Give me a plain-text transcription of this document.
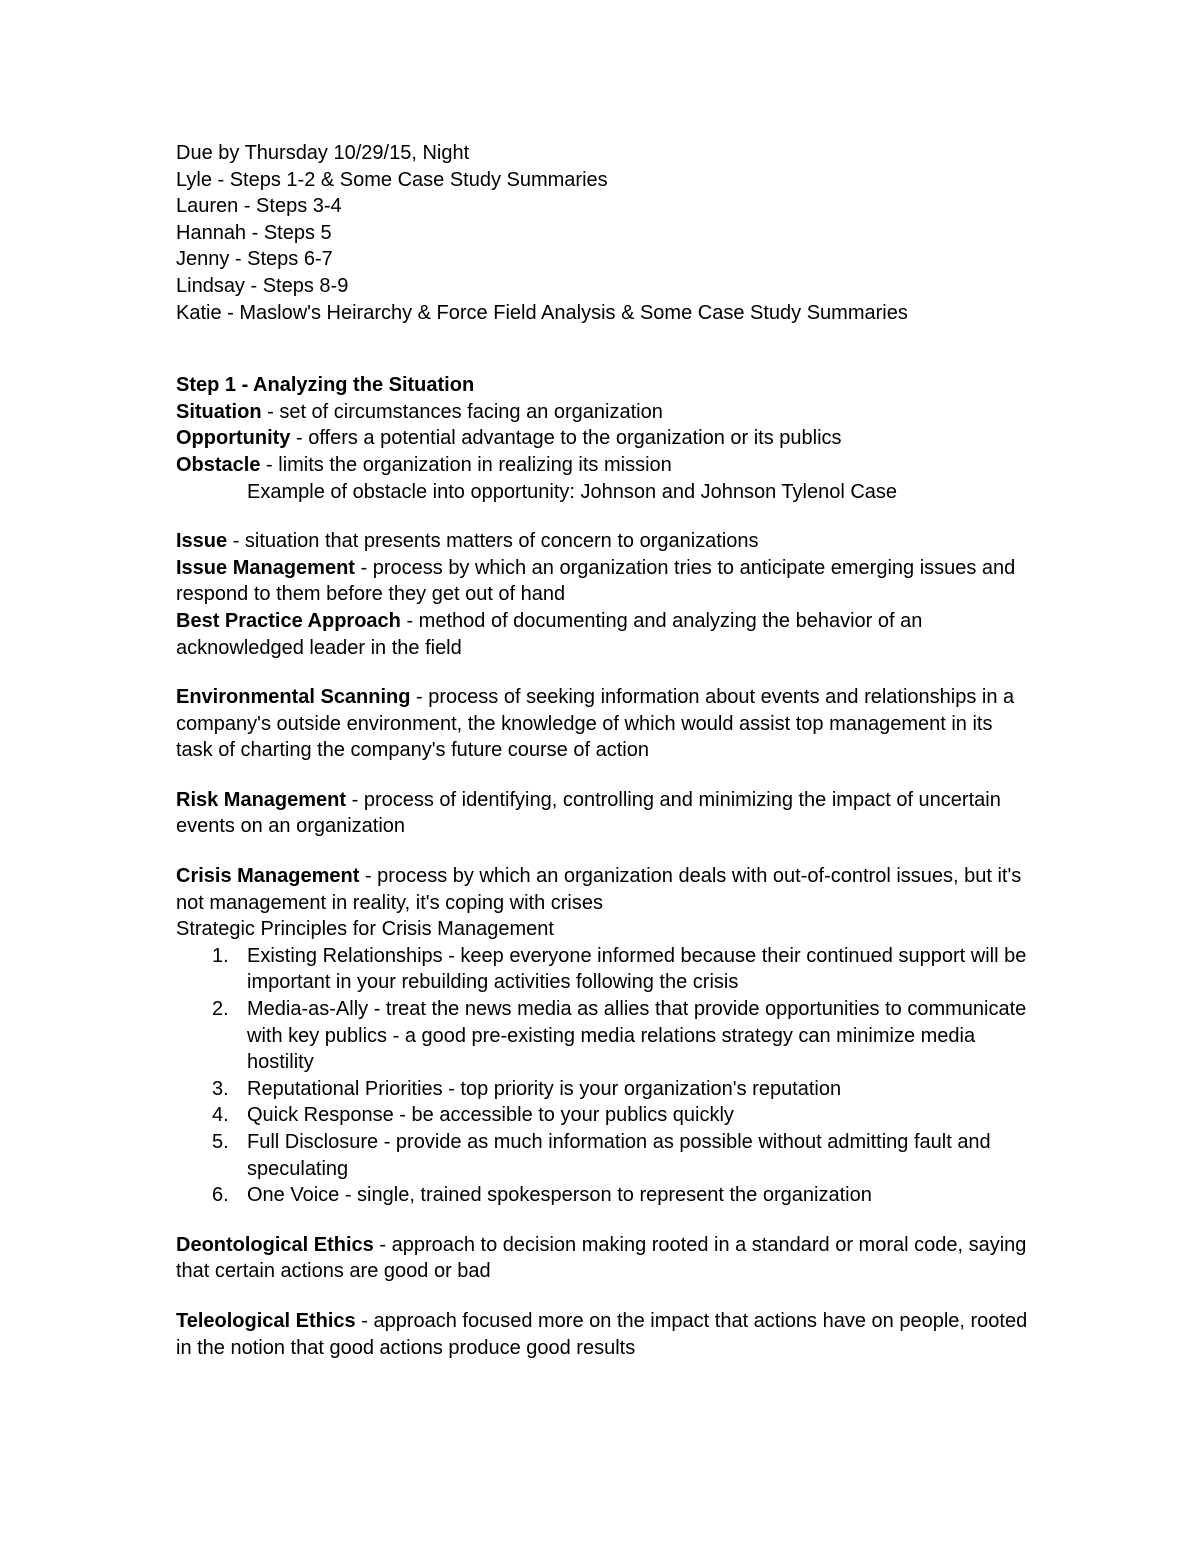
Due by Thursday 10/29/15, Night

Lyle - Steps 1-2 & Some Case Study Summaries

Lauren - Steps 3-4

Hannah - Steps 5

Jenny - Steps 6-7

Lindsay - Steps 8-9

Katie - Maslow's Heirarchy & Force Field Analysis & Some Case Study Summaries

Step 1 - Analyzing the Situation

Situation - set of circumstances facing an organization

Opportunity - offers a potential advantage to the organization or its publics

Obstacle - limits the organization in realizing its mission

Example of obstacle into opportunity: Johnson and Johnson Tylenol Case

Issue - situation that presents matters of concern to organizations

Issue Management - process by which an organization tries to anticipate emerging issues and respond to them before they get out of hand

Best Practice Approach - method of documenting and analyzing the behavior of an acknowledged leader in the field

Environmental Scanning - process of seeking information about events and relationships in a company's outside environment, the knowledge of which would assist top management in its task of charting the company's future course of action

Risk Management - process of identifying, controlling and minimizing the impact of uncertain events on an organization

Crisis Management - process by which an organization deals with out-of-control issues, but it's not management in reality, it's coping with crises

Strategic Principles for Crisis Management

1. Existing Relationships - keep everyone informed because their continued support will be important in your rebuilding activities following the crisis
2. Media-as-Ally - treat the news media as allies that provide opportunities to communicate with key publics - a good pre-existing media relations strategy can minimize media hostility
3. Reputational Priorities - top priority is your organization's reputation
4. Quick Response - be accessible to your publics quickly
5. Full Disclosure - provide as much information as possible without admitting fault and speculating
6. One Voice - single, trained spokesperson to represent the organization

Deontological Ethics - approach to decision making rooted in a standard or moral code, saying that certain actions are good or bad

Teleological Ethics - approach focused more on the impact that actions have on people, rooted in the notion that good actions produce good results
